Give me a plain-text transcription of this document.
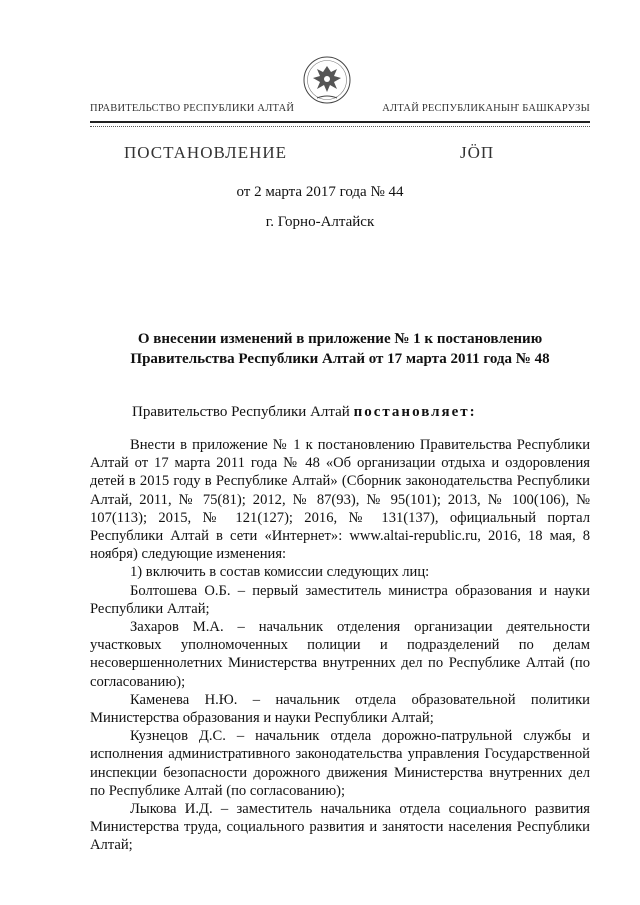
ПРАВИТЕЛЬСТВО РЕСПУБЛИКИ АЛТАЙ	АЛТАЙ РЕСПУБЛИКАНЫҤ БАШКАРУЗЫ
ПОСТАНОВЛЕНИЕ	ЈӦП
от 2 марта 2017 года № 44
г. Горно-Алтайск
О внесении изменений в приложение № 1 к постановлению
Правительства Республики Алтай от 17 марта 2011 года № 48
Правительство Республики Алтай постановляет:

Внести в приложение № 1 к постановлению Правительства Республики Алтай от 17 марта 2011 года № 48 «Об организации отдыха и оздоровления детей в 2015 году в Республике Алтай» (Сборник законодательства Республики Алтай, 2011, № 75(81); 2012, № 87(93), № 95(101); 2013, № 100(106), № 107(113); 2015, № 121(127); 2016, № 131(137), официальный портал Республики Алтай в сети «Интернет»: www.altai-republic.ru, 2016, 18 мая, 8 ноября) следующие изменения:

1) включить в состав комиссии следующих лиц:

Болтошева О.Б. – первый заместитель министра образования и науки Республики Алтай;

Захаров М.А. – начальник отделения организации деятельности участковых уполномоченных полиции и подразделений по делам несовершеннолетних Министерства внутренних дел по Республике Алтай (по согласованию);

Каменева Н.Ю. – начальник отдела образовательной политики Министерства образования и науки Республики Алтай;

Кузнецов Д.С. – начальник отдела дорожно-патрульной службы и исполнения административного законодательства управления Государственной инспекции безопасности дорожного движения Министерства внутренних дел по Республике Алтай (по согласованию);

Лыкова И.Д. – заместитель начальника отдела социального развития Министерства труда, социального развития и занятости населения Республики Алтай;
